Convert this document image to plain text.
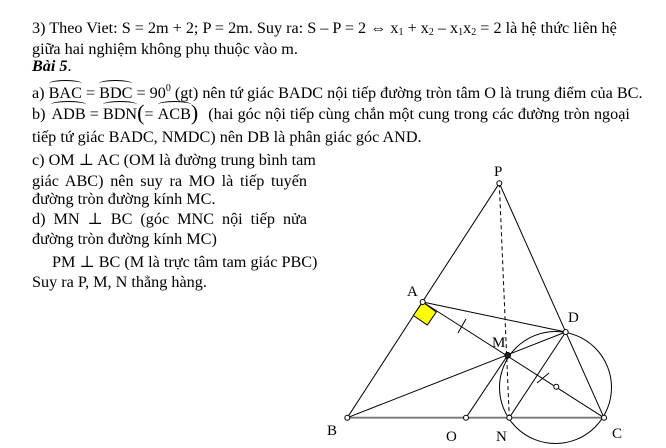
3) Theo Viet: S = 2m + 2; P = 2m. Suy ra: S – P = 2 ⇔ $x_1 + x_2 - x_1x_2 = 2$ là hệ thức liên hệ
giữa hai nghiệm không phụ thuộc vào m.
Bài 5.
a) BAC = BDC = $90^0$ (gt) nên tứ giác BADC nội tiếp đường tròn tâm O là trung điểm của BC.
b) ADB = BDN ( = ACB ) (hai góc nội tiếp cùng chắn một cung trong các đường tròn ngoại
tiếp tứ giác BADC, NMDC) nên DB là phân giác góc AND.
c) OM ⊥ AC (OM là đường trung bình tam
giác ABC) nên suy ra MO là tiếp tuyến
đường tròn đường kính MC.
d) MN ⊥ BC (góc MNC nội tiếp nửa
đường tròn đường kính MC)
PM ⊥ BC (M là trực tâm tam giác PBC)
Suy ra P, M, N thẳng hàng.
P
A
D
M
B	O	N	C
